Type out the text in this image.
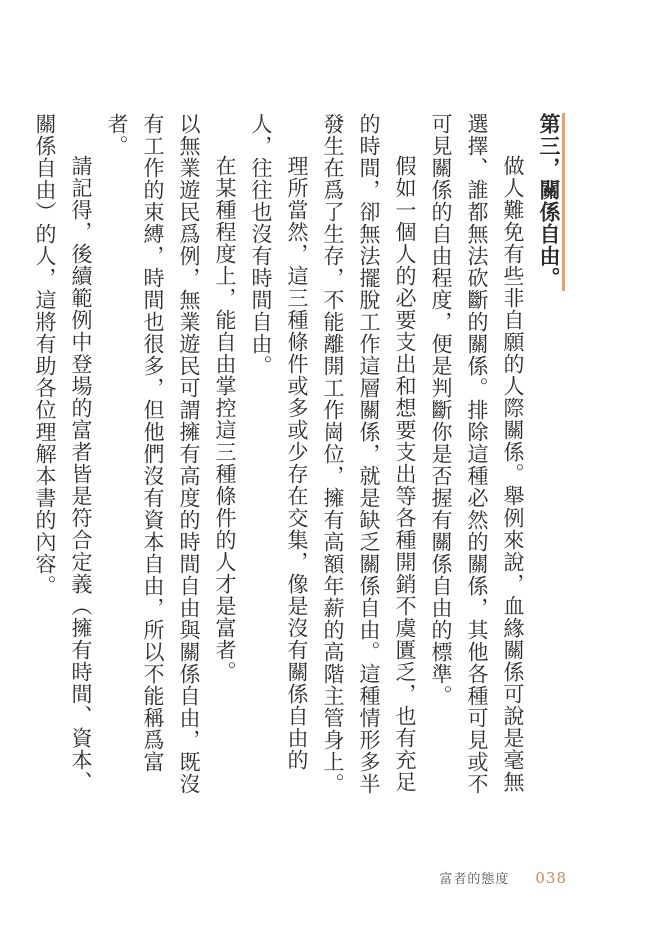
第三，關係自由。

做人難免有些非自願的人際關係。舉例來說，血緣關係可說是毫無選擇、誰都無法砍斷的關係。排除這種必然的關係，其他各種可見或不可見關係的自由程度，便是判斷你是否握有關係自由的標準。

假如一個人的必要支出和想要支出等各種開銷不虞匱乏，也有充足的時間，卻無法擺脫工作這層關係，就是缺乏關係自由。這種情形多半發生在爲了生存，不能離開工作崗位，擁有高額年薪的高階主管身上。

理所當然，這三種條件或多或少存在交集，像是沒有關係自由的人，往往也沒有時間自由。

在某種程度上，能自由掌控這三種條件的人才是富者。

以無業遊民爲例，無業遊民可謂擁有高度的時間自由與關係自由，既沒有工作的束縛，時間也很多，但他們沒有資本自由，所以不能稱爲富者。

請記得，後續範例中登場的富者皆是符合定義（擁有時間、資本、關係自由）的人，這將有助各位理解本書的內容。

富者的態度 038
